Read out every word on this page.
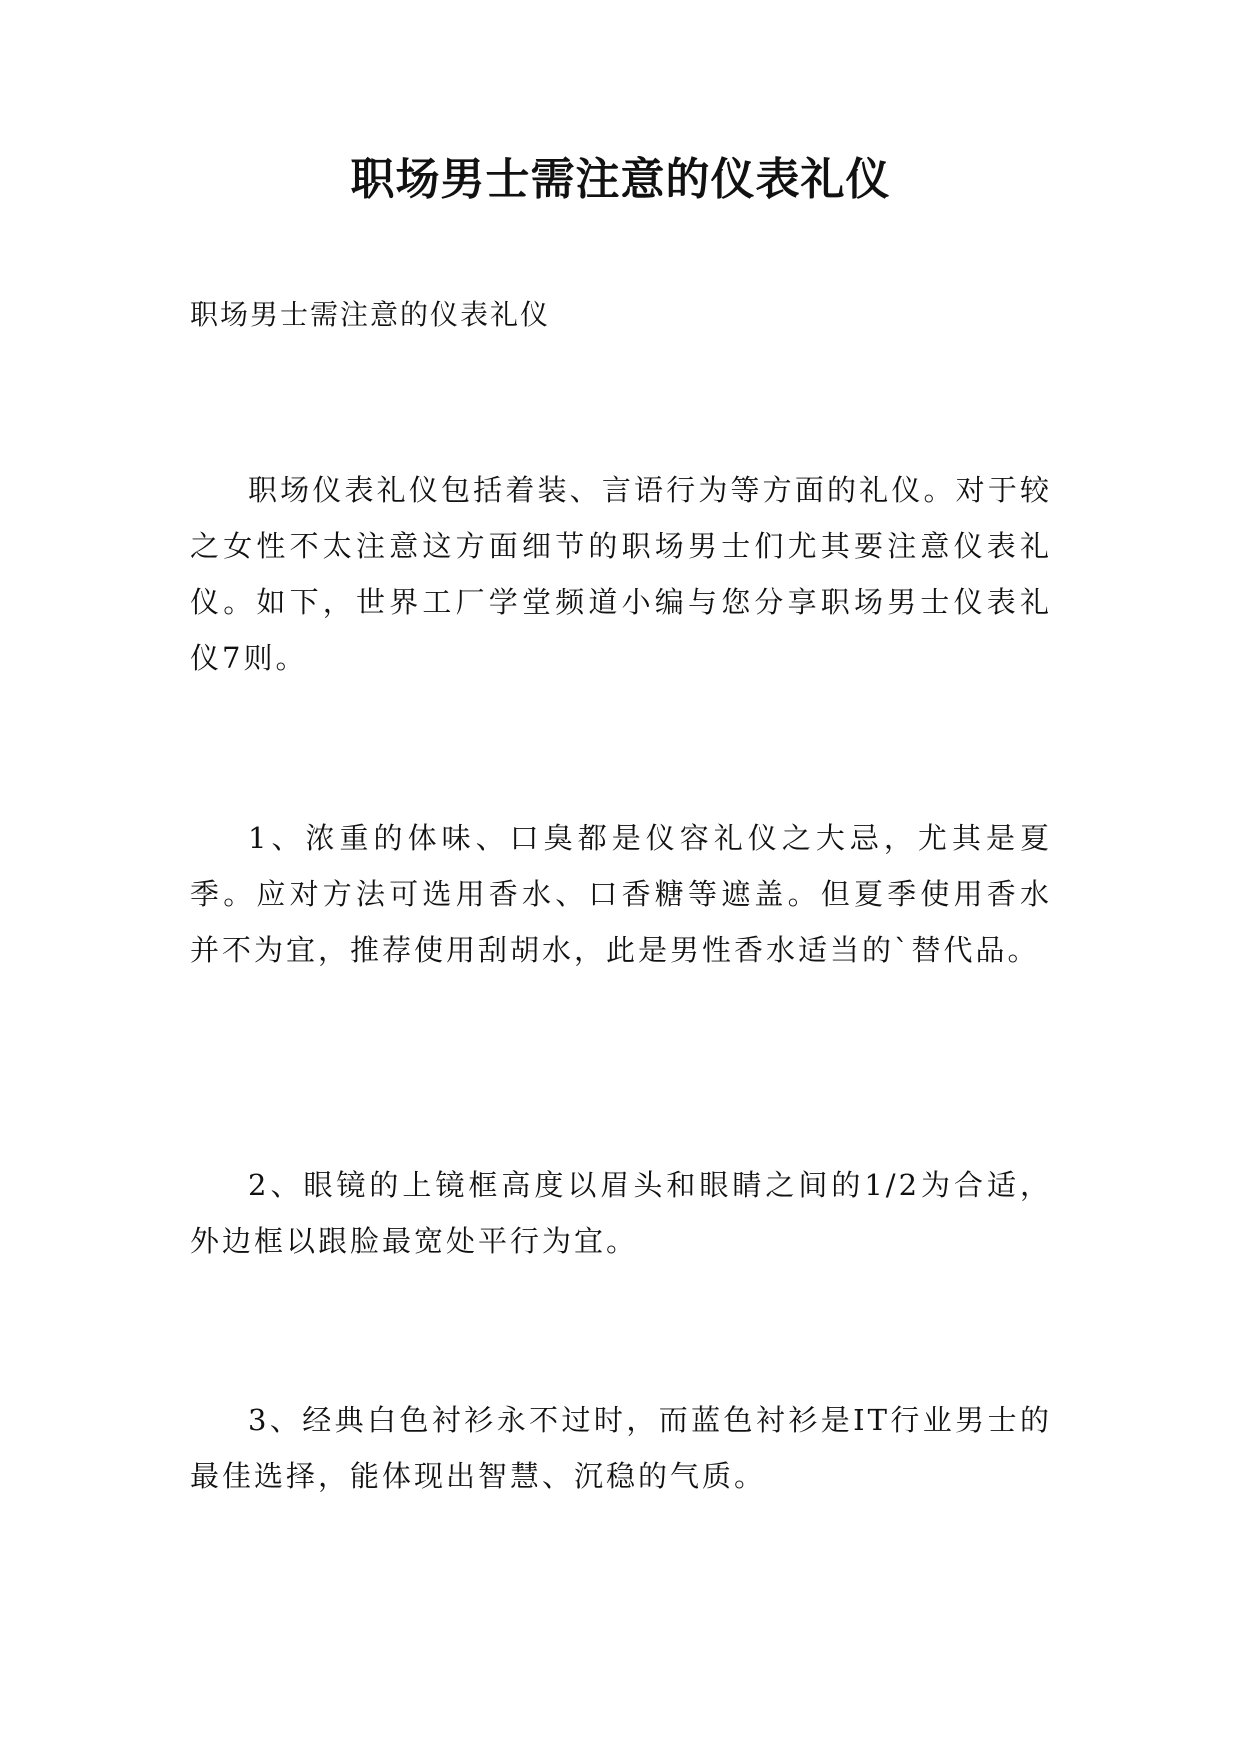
职场男士需注意的仪表礼仪

职场男士需注意的仪表礼仪

职场仪表礼仪包括着装、言语行为等方面的礼仪。对于较之女性不太注意这方面细节的职场男士们尤其要注意仪表礼仪。如下，世界工厂学堂频道小编与您分享职场男士仪表礼仪7则。

1、浓重的体味、口臭都是仪容礼仪之大忌，尤其是夏季。应对方法可选用香水、口香糖等遮盖。但夏季使用香水并不为宜，推荐使用刮胡水，此是男性香水适当的`替代品。

2、眼镜的上镜框高度以眉头和眼睛之间的1/2为合适，外边框以跟脸最宽处平行为宜。

3、经典白色衬衫永不过时，而蓝色衬衫是IT行业男士的最佳选择，能体现出智慧、沉稳的气质。
